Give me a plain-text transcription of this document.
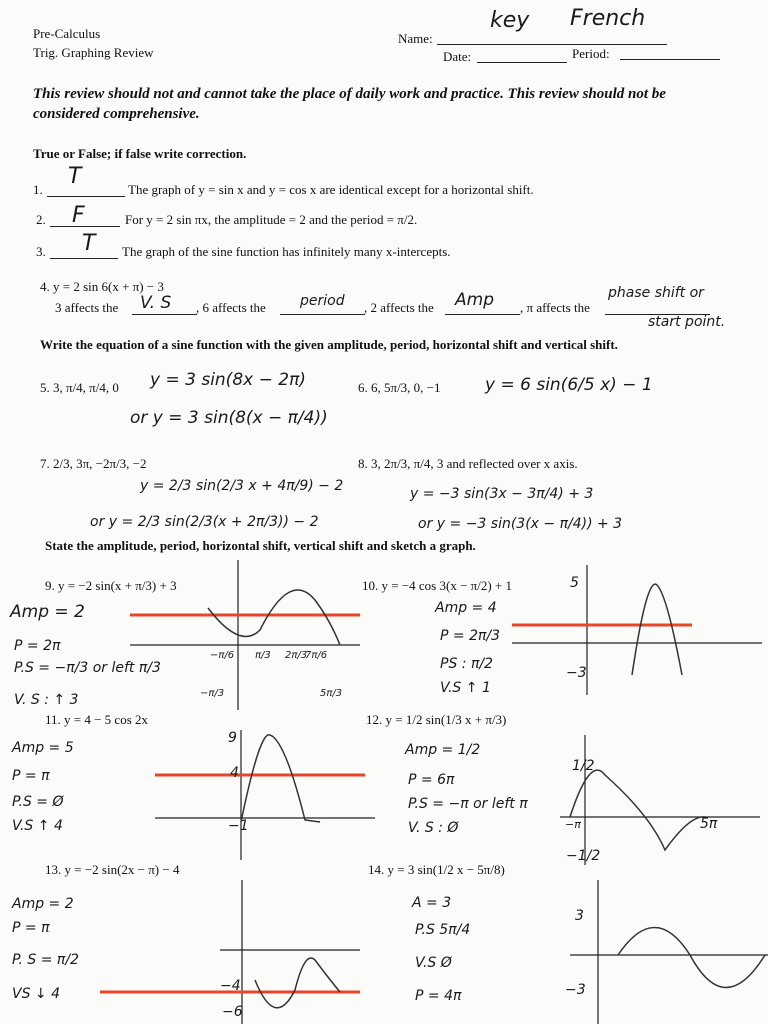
Pre-Calculus
Trig. Graphing Review
Name:
key French
Date:	Period:
This review should not and cannot take the place of daily work and practice. This review should not be considered comprehensive.
True or False; if false write correction.
1.
T
The graph of y = sin x and y = cos x are identical except for a horizontal shift.
2. F	For y = 2 sin πx, the amplitude = 2 and the period = π/2.
3. T The graph of the sine function has infinitely many x-intercepts.
4. y = 2 sin 6(x + π) − 3
3 affects the V. S , 6 affects the period , 2 affects the Amp , π affects the
phase shift or
start point.
Write the equation of a sine function with the given amplitude, period, horizontal shift and vertical shift.
5. 3, π/4, π/4, 0 y = 3 sin(8x − 2π)
or y = 3 sin(8(x − π/4))
6. 6, 5π/3, 0, −1	y = 6 sin(6/5 x) − 1
7. 2/3, 3π, −2π/3, −2
y = 2/3 sin(2/3 x + 4π/9) − 2
or y = 2/3 sin(2/3(x + 2π/3)) − 2
8. 3, 2π/3, π/4, 3 and reflected over x axis.
y = −3 sin(3x − 3π/4) + 3
or y = −3 sin(3(x − π/4)) + 3
State the amplitude, period, horizontal shift, vertical shift and sketch a graph.
9. y = −2 sin(x + π/3) + 3
Amp = 2
P = 2π
P.S = −π/3 or left π/3
V. S : ↑ 3
−π/6 π/3 2π/3
7π/6
5π/3
−π/3
10. y = −4 cos 3(x − π/2) + 1
Amp = 4
P = 2π/3
PS : π/2
V.S ↑ 1
5
−3
11. y = 4 − 5 cos 2x
Amp = 5
P = π
P.S = Ø
V.S ↑ 4
9
4
−1
12. y = 1/2 sin(1/3 x + π/3)
Amp = 1/2
P = 6π
P.S = −π or left π
V. S : Ø
1/2
−1/2
−π	5π
13. y = −2 sin(2x − π) − 4
Amp = 2
P = π
P. S = π/2
VS ↓ 4	−4
−6
14. y = 3 sin(1/2 x − 5π/8)
A = 3
P.S 5π/4
V.S Ø
P = 4π
3
−3
